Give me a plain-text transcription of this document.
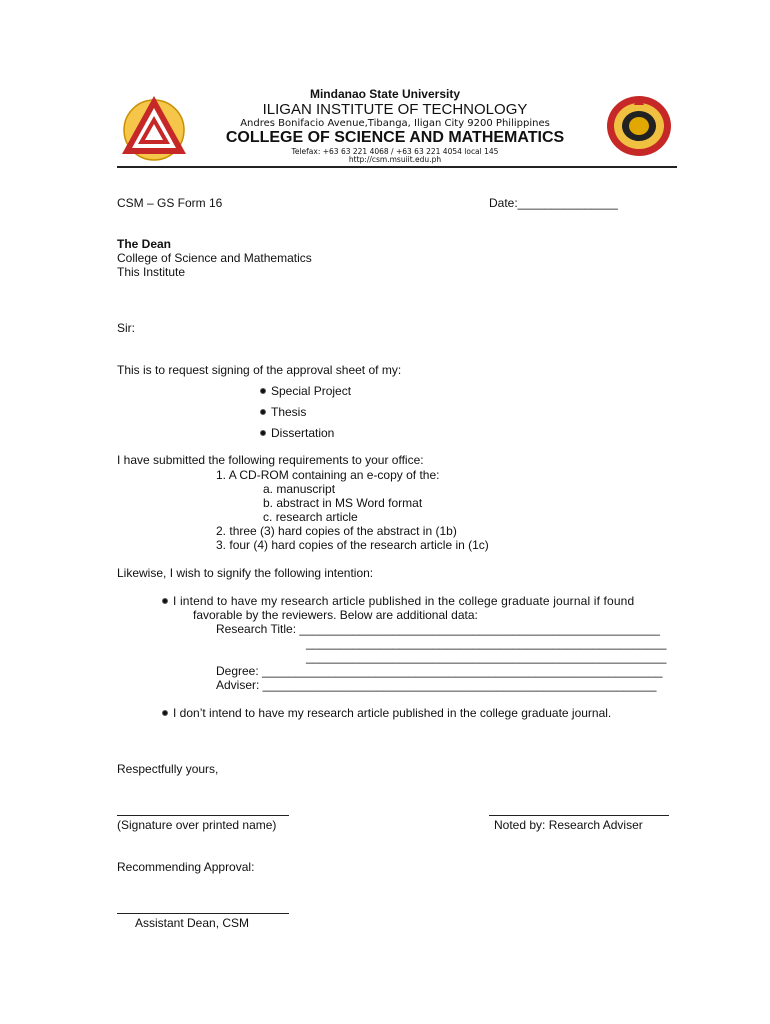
Mindanao State University
ILIGAN INSTITUTE OF TECHNOLOGY
Andres Bonifacio Avenue,Tibanga, Iligan City 9200 Philippines
COLLEGE OF SCIENCE AND MATHEMATICS
Telefax: +63 63 221 4068 / +63 63 221 4054 local 145
http://csm.msuiit.edu.ph
CSM – GS Form 16	Date:_______________
The Dean
College of Science and Mathematics
This Institute
Sir:
This is to request signing of the approval sheet of my:
Special Project
Thesis
Dissertation
I have submitted the following requirements to your office:
1. A CD-ROM containing an e-copy of the:
a. manuscript
b. abstract in MS Word format
c. research article
2. three (3) hard copies of the abstract in (1b)
3. four (4) hard copies of the research article in (1c)
Likewise, I wish to signify the following intention:
I intend to have my research article published in the college graduate journal if found
favorable by the reviewers. Below are additional data:
Research Title: ______________________________________________________
______________________________________________________
______________________________________________________
Degree: ____________________________________________________________
Adviser: ___________________________________________________________
I don’t intend to have my research article published in the college graduate journal.
Respectfully yours,
(Signature over printed name)	Noted by: Research Adviser
Recommending Approval:
Assistant Dean, CSM
